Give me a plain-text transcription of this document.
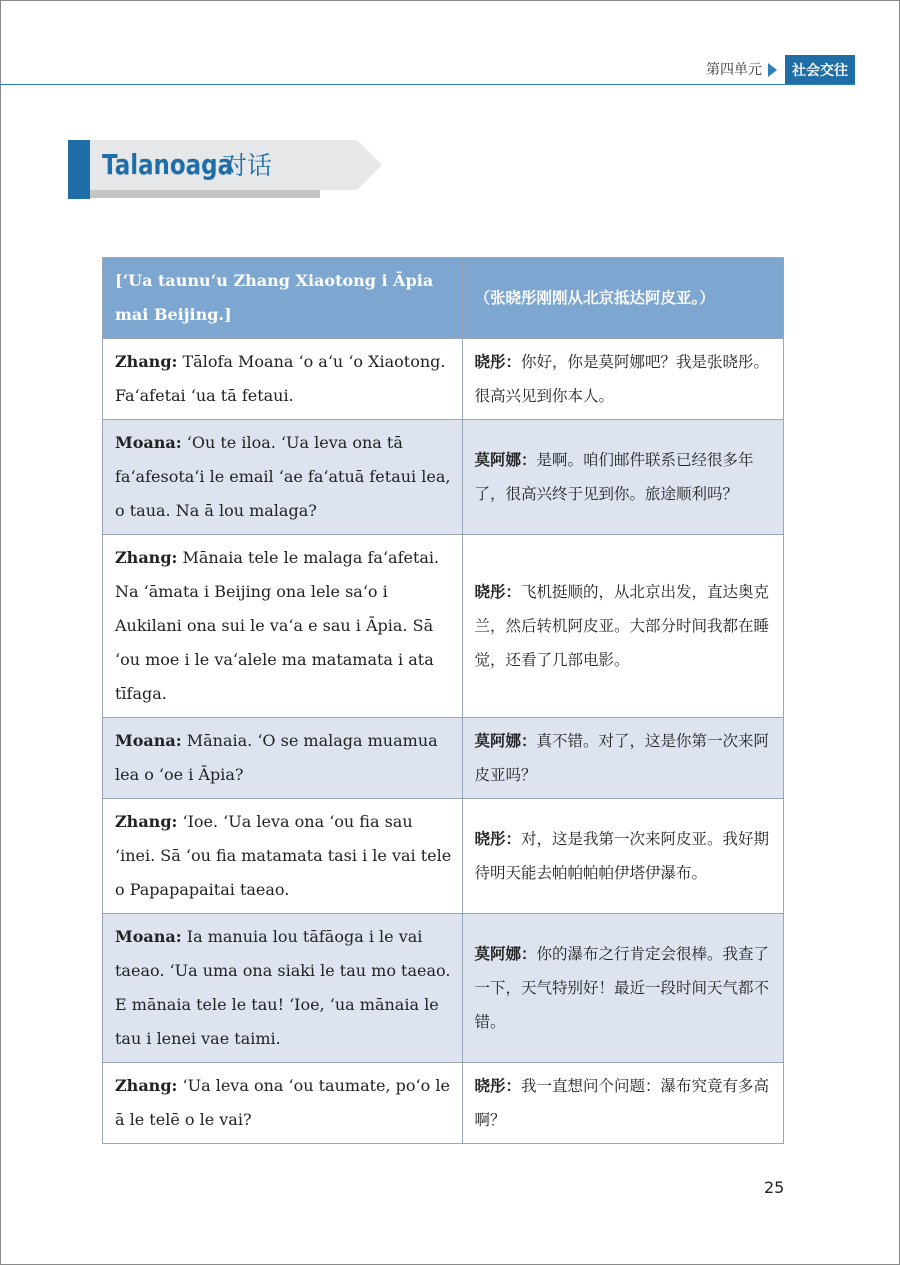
第四单元	社会交往
Talanoaga
对话
[‘Ua taunu‘u Zhang Xiaotong i Āpia mai Beijing.]	（张晓彤刚刚从北京抵达阿皮亚。）
Zhang: Tālofa Moana ‘o a‘u ‘o Xiaotong. Fa‘afetai ‘ua tā fetaui.	晓彤：你好，你是莫阿娜吧？我是张晓彤。很高兴见到你本人。
Moana: ‘Ou te iloa. ‘Ua leva ona tā fa‘afesota‘i le email ‘ae fa‘atuā fetaui lea, o taua. Na ā lou malaga?	莫阿娜：是啊。咱们邮件联系已经很多年了，很高兴终于见到你。旅途顺利吗？
Zhang: Mānaia tele le malaga fa‘afetai. Na ‘āmata i Beijing ona lele sa‘o i Aukilani ona sui le va‘a e sau i Āpia. Sā ‘ou moe i le va‘alele ma matamata i ata tīfaga.	晓彤：飞机挺顺的，从北京出发，直达奥克兰，然后转机阿皮亚。大部分时间我都在睡觉，还看了几部电影。
Moana: Mānaia. ‘O se malaga muamua lea o ‘oe i Āpia?	莫阿娜：真不错。对了，这是你第一次来阿皮亚吗？
Zhang: ‘Ioe. ‘Ua leva ona ‘ou fia sau ‘inei. Sā ‘ou fia matamata tasi i le vai tele o Papapapaitai taeao.	晓彤：对，这是我第一次来阿皮亚。我好期待明天能去帕帕帕帕伊塔伊瀑布。
Moana: Ia manuia lou tāfāoga i le vai taeao. ‘Ua uma ona siaki le tau mo taeao. E mānaia tele le tau! ‘Ioe, ‘ua mānaia le tau i lenei vae taimi.	莫阿娜：你的瀑布之行肯定会很棒。我查了一下，天气特别好！最近一段时间天气都不错。
Zhang: ‘Ua leva ona ‘ou taumate, po‘o le ā le telē o le vai?	晓彤：我一直想问个问题：瀑布究竟有多高啊？
25
